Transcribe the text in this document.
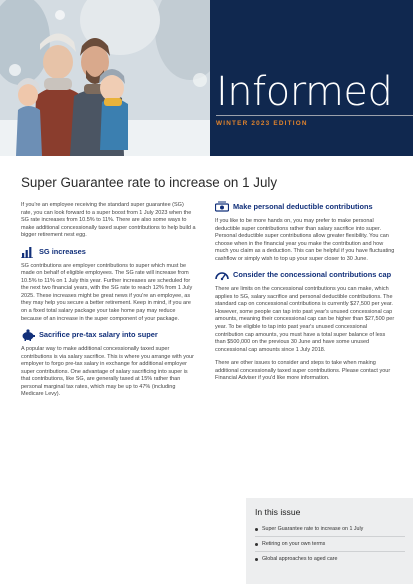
Informed
WINTER 2023 EDITION
Super Guarantee rate to increase on 1 July

If you're an employee receiving the standard super guarantee (SG) rate, you can look forward to a super boost from 1 July 2023 when the SG rate increases from 10.5% to 11%. There are also some ways to make additional concessionally taxed super contributions to help build a bigger retirement nest egg.

SG increases

SG contributions are employer contributions to super which must be made on behalf of eligible employees. The SG rate will increase from 10.5% to 11% on 1 July this year. Further increases are scheduled for the next two financial years, with the SG rate to reach 12% from 1 July 2025. These increases might be great news if you're an employee, as they may help you secure a better retirement. Keep in mind, if you are on a fixed total salary package your take home pay may reduce because of an increase in the super component of your package.

Sacrifice pre-tax salary into super

A popular way to make additional concessionally taxed super contributions is via salary sacrifice. This is where you arrange with your employer to forgo pre-tax salary in exchange for additional employer super contributions. One advantage of salary sacrificing into super is that contributions, like SG, are generally taxed at 15% rather than personal marginal tax rates, which may be up to 47% (including Medicare Levy).

Make personal deductible contributions

If you like to be more hands on, you may prefer to make personal deductible super contributions rather than salary sacrifice into super. Personal deductible super contributions allow greater flexibility. You can choose when in the financial year you make the contribution and how much you claim as a deduction. This can be helpful if you have fluctuating cashflow or simply wish to top up your super closer to 30 June.

Consider the concessional contributions cap

There are limits on the concessional contributions you can make, which applies to SG, salary sacrifice and personal deductible contributions. The standard cap on concessional contributions is currently $27,500 per year. However, some people can tap into past year's unused concessional cap amounts, meaning their concessional cap can be higher than $27,500 per year. To be eligible to tap into past year's unused concessional contribution cap amounts, you must have a total super balance of less than $500,000 on the previous 30 June and have some unused concessional cap amounts since 1 July 2018.

There are other issues to consider and steps to take when making additional concessionally taxed super contributions. Please contact your Financial Adviser if you'd like more information.

In this issue
Super Guarantee rate to increase on 1 July
Retiring on your own terms
Global approaches to aged care
